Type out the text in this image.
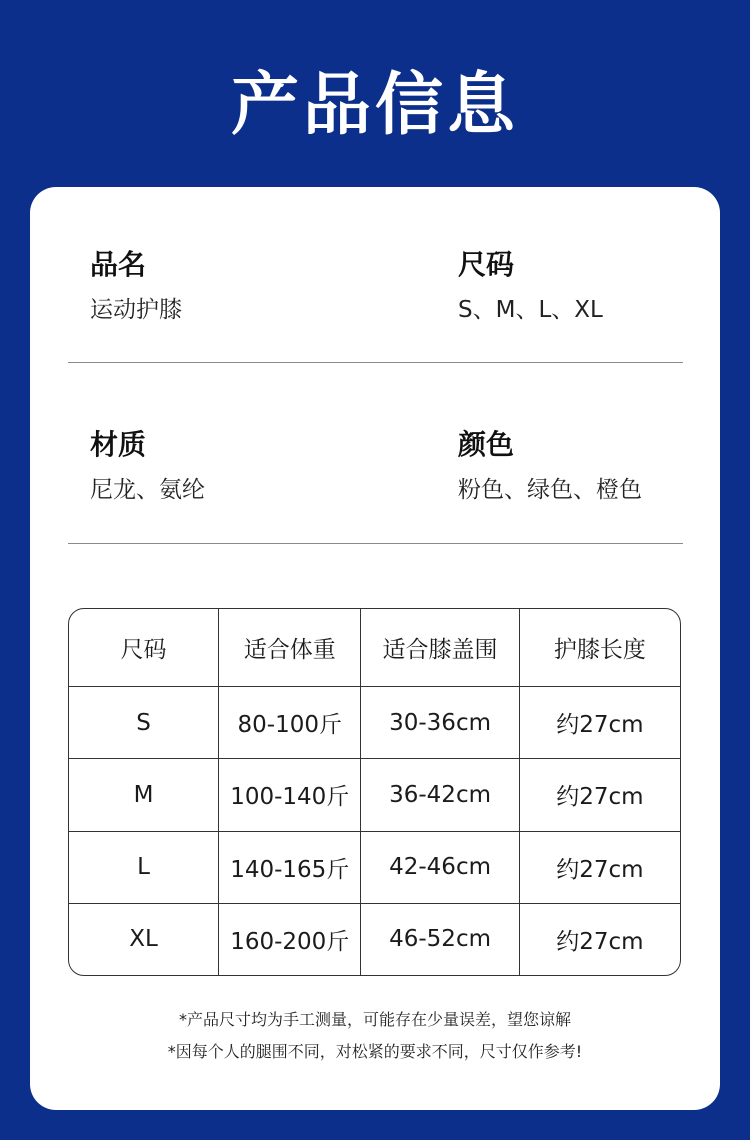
产品信息
品名
运动护膝
尺码
S、M、L、XL
材质
尼龙、氨纶
颜色
粉色、绿色、橙色
尺码	适合体重	适合膝盖围	护膝长度
S	80-100斤	30-36cm	约27cm
M	100-140斤	36-42cm	约27cm
L	140-165斤	42-46cm	约27cm
XL	160-200斤	46-52cm	约27cm
*产品尺寸均为手工测量，可能存在少量误差，望您谅解
*因每个人的腿围不同，对松紧的要求不同，尺寸仅作参考!
